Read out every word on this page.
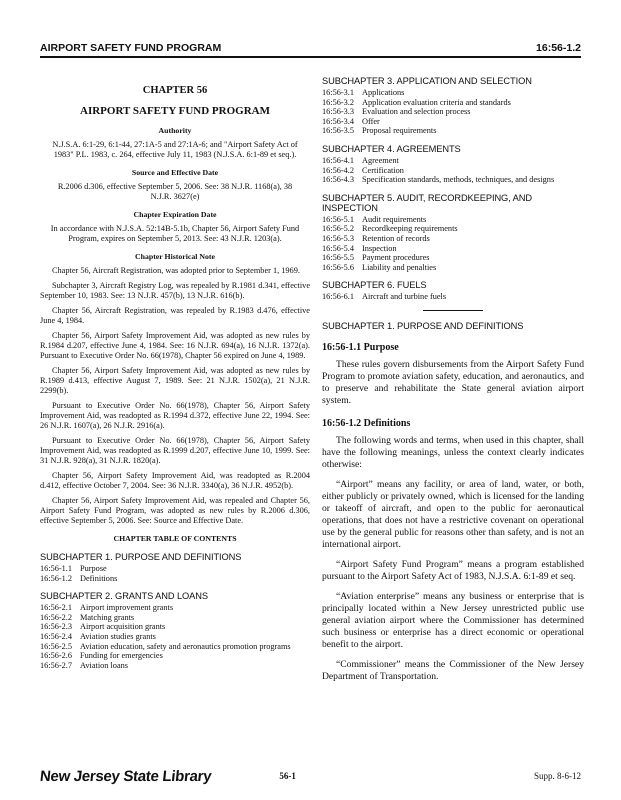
AIRPORT SAFETY FUND PROGRAM	16:56-1.2
CHAPTER 56
AIRPORT SAFETY FUND PROGRAM
Authority
N.J.S.A. 6:1-29, 6:1-44, 27:1A-5 and 27:1A-6; and "Airport Safety Act of 1983" P.L. 1983, c. 264, effective July 11, 1983 (N.J.S.A. 6:1-89 et seq.).
Source and Effective Date
R.2006 d.306, effective September 5, 2006. See: 38 N.J.R. 1168(a), 38 N.J.R. 3627(e)
Chapter Expiration Date
In accordance with N.J.S.A. 52:14B-5.1b, Chapter 56, Airport Safety Fund Program, expires on September 5, 2013. See: 43 N.J.R. 1203(a).
Chapter Historical Note

Chapter 56, Aircraft Registration, was adopted prior to September 1, 1969.

Subchapter 3, Aircraft Registry Log, was repealed by R.1981 d.341, effective September 10, 1983. See: 13 N.J.R. 457(b), 13 N.J.R. 616(b).

Chapter 56, Aircraft Registration, was repealed by R.1983 d.476, effective June 4, 1984.

Chapter 56, Airport Safety Improvement Aid, was adopted as new rules by R.1984 d.207, effective June 4, 1984. See: 16 N.J.R. 694(a), 16 N.J.R. 1372(a). Pursuant to Executive Order No. 66(1978), Chapter 56 expired on June 4, 1989.

Chapter 56, Airport Safety Improvement Aid, was adopted as new rules by R.1989 d.413, effective August 7, 1989. See: 21 N.J.R. 1502(a), 21 N.J.R. 2299(b).

Pursuant to Executive Order No. 66(1978), Chapter 56, Airport Safety Improvement Aid, was readopted as R.1994 d.372, effective June 22, 1994. See: 26 N.J.R. 1607(a), 26 N.J.R. 2916(a).

Pursuant to Executive Order No. 66(1978), Chapter 56, Airport Safety Improvement Aid, was readopted as R.1999 d.207, effective June 10, 1999. See: 31 N.J.R. 928(a), 31 N.J.R. 1820(a).

Chapter 56, Airport Safety Improvement Aid, was readopted as R.2004 d.412, effective October 7, 2004. See: 36 N.J.R. 3340(a), 36 N.J.R. 4952(b).

Chapter 56, Airport Safety Improvement Aid, was repealed and Chapter 56, Airport Safety Fund Program, was adopted as new rules by R.2006 d.306, effective September 5, 2006. See: Source and Effective Date.

CHAPTER TABLE OF CONTENTS
SUBCHAPTER 1. PURPOSE AND DEFINITIONS
16:56-1.1 Purpose
16:56-1.2 Definitions
SUBCHAPTER 2. GRANTS AND LOANS
16:56-2.1 Airport improvement grants
16:56-2.2 Matching grants
16:56-2.3 Airport acquisition grants
16:56-2.4 Aviation studies grants
16:56-2.5 Aviation education, safety and aeronautics promotion programs
16:56-2.6 Funding for emergencies
16:56-2.7 Aviation loans
SUBCHAPTER 3. APPLICATION AND SELECTION
16:56-3.1 Applications
16:56-3.2 Application evaluation criteria and standards
16:56-3.3 Evaluation and selection process
16:56-3.4 Offer
16:56-3.5 Proposal requirements
SUBCHAPTER 4. AGREEMENTS
16:56-4.1 Agreement
16:56-4.2 Certification
16:56-4.3 Specification standards, methods, techniques, and designs
SUBCHAPTER 5. AUDIT, RECORDKEEPING, AND INSPECTION
16:56-5.1 Audit requirements
16:56-5.2 Recordkeeping requirements
16:56-5.3 Retention of records
16:56-5.4 Inspection
16:56-5.5 Payment procedures
16:56-5.6 Liability and penalties
SUBCHAPTER 6. FUELS
16:56-6.1 Aircraft and turbine fuels
SUBCHAPTER 1. PURPOSE AND DEFINITIONS
16:56-1.1 Purpose

These rules govern disbursements from the Airport Safety Fund Program to promote aviation safety, education, and aeronautics, and to preserve and rehabilitate the State general aviation airport system.

16:56-1.2 Definitions

The following words and terms, when used in this chapter, shall have the following meanings, unless the context clearly indicates otherwise:

“Airport” means any facility, or area of land, water, or both, either publicly or privately owned, which is licensed for the landing or takeoff of aircraft, and open to the public for aeronautical operations, that does not have a restrictive covenant on operational use by the general public for reasons other than safety, and is not an international airport.

“Airport Safety Fund Program” means a program established pursuant to the Airport Safety Act of 1983, N.J.S.A. 6:1-89 et seq.

“Aviation enterprise” means any business or enterprise that is principally located within a New Jersey unrestricted public use general aviation airport where the Commissioner has determined such business or enterprise has a direct economic or operational benefit to the airport.

“Commissioner” means the Commissioner of the New Jersey Department of Transportation.

New Jersey State Library	56-1	Supp. 8-6-12
